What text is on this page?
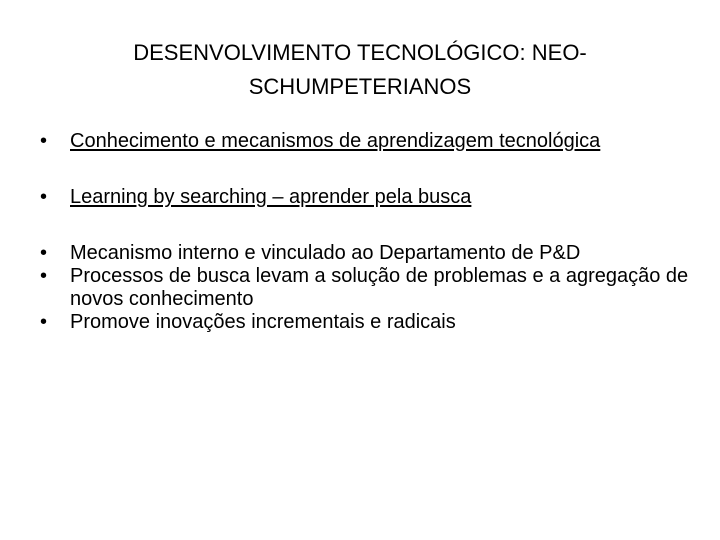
DESENVOLVIMENTO TECNOLÓGICO: NEO-
SCHUMPETERIANOS
• Conhecimento e mecanismos de aprendizagem tecnológica
• Learning by searching – aprender pela busca
• Mecanismo interno e vinculado ao Departamento de P&D
• Processos de busca levam a solução de problemas e a agregação de novos conhecimento
• Promove inovações incrementais e radicais
